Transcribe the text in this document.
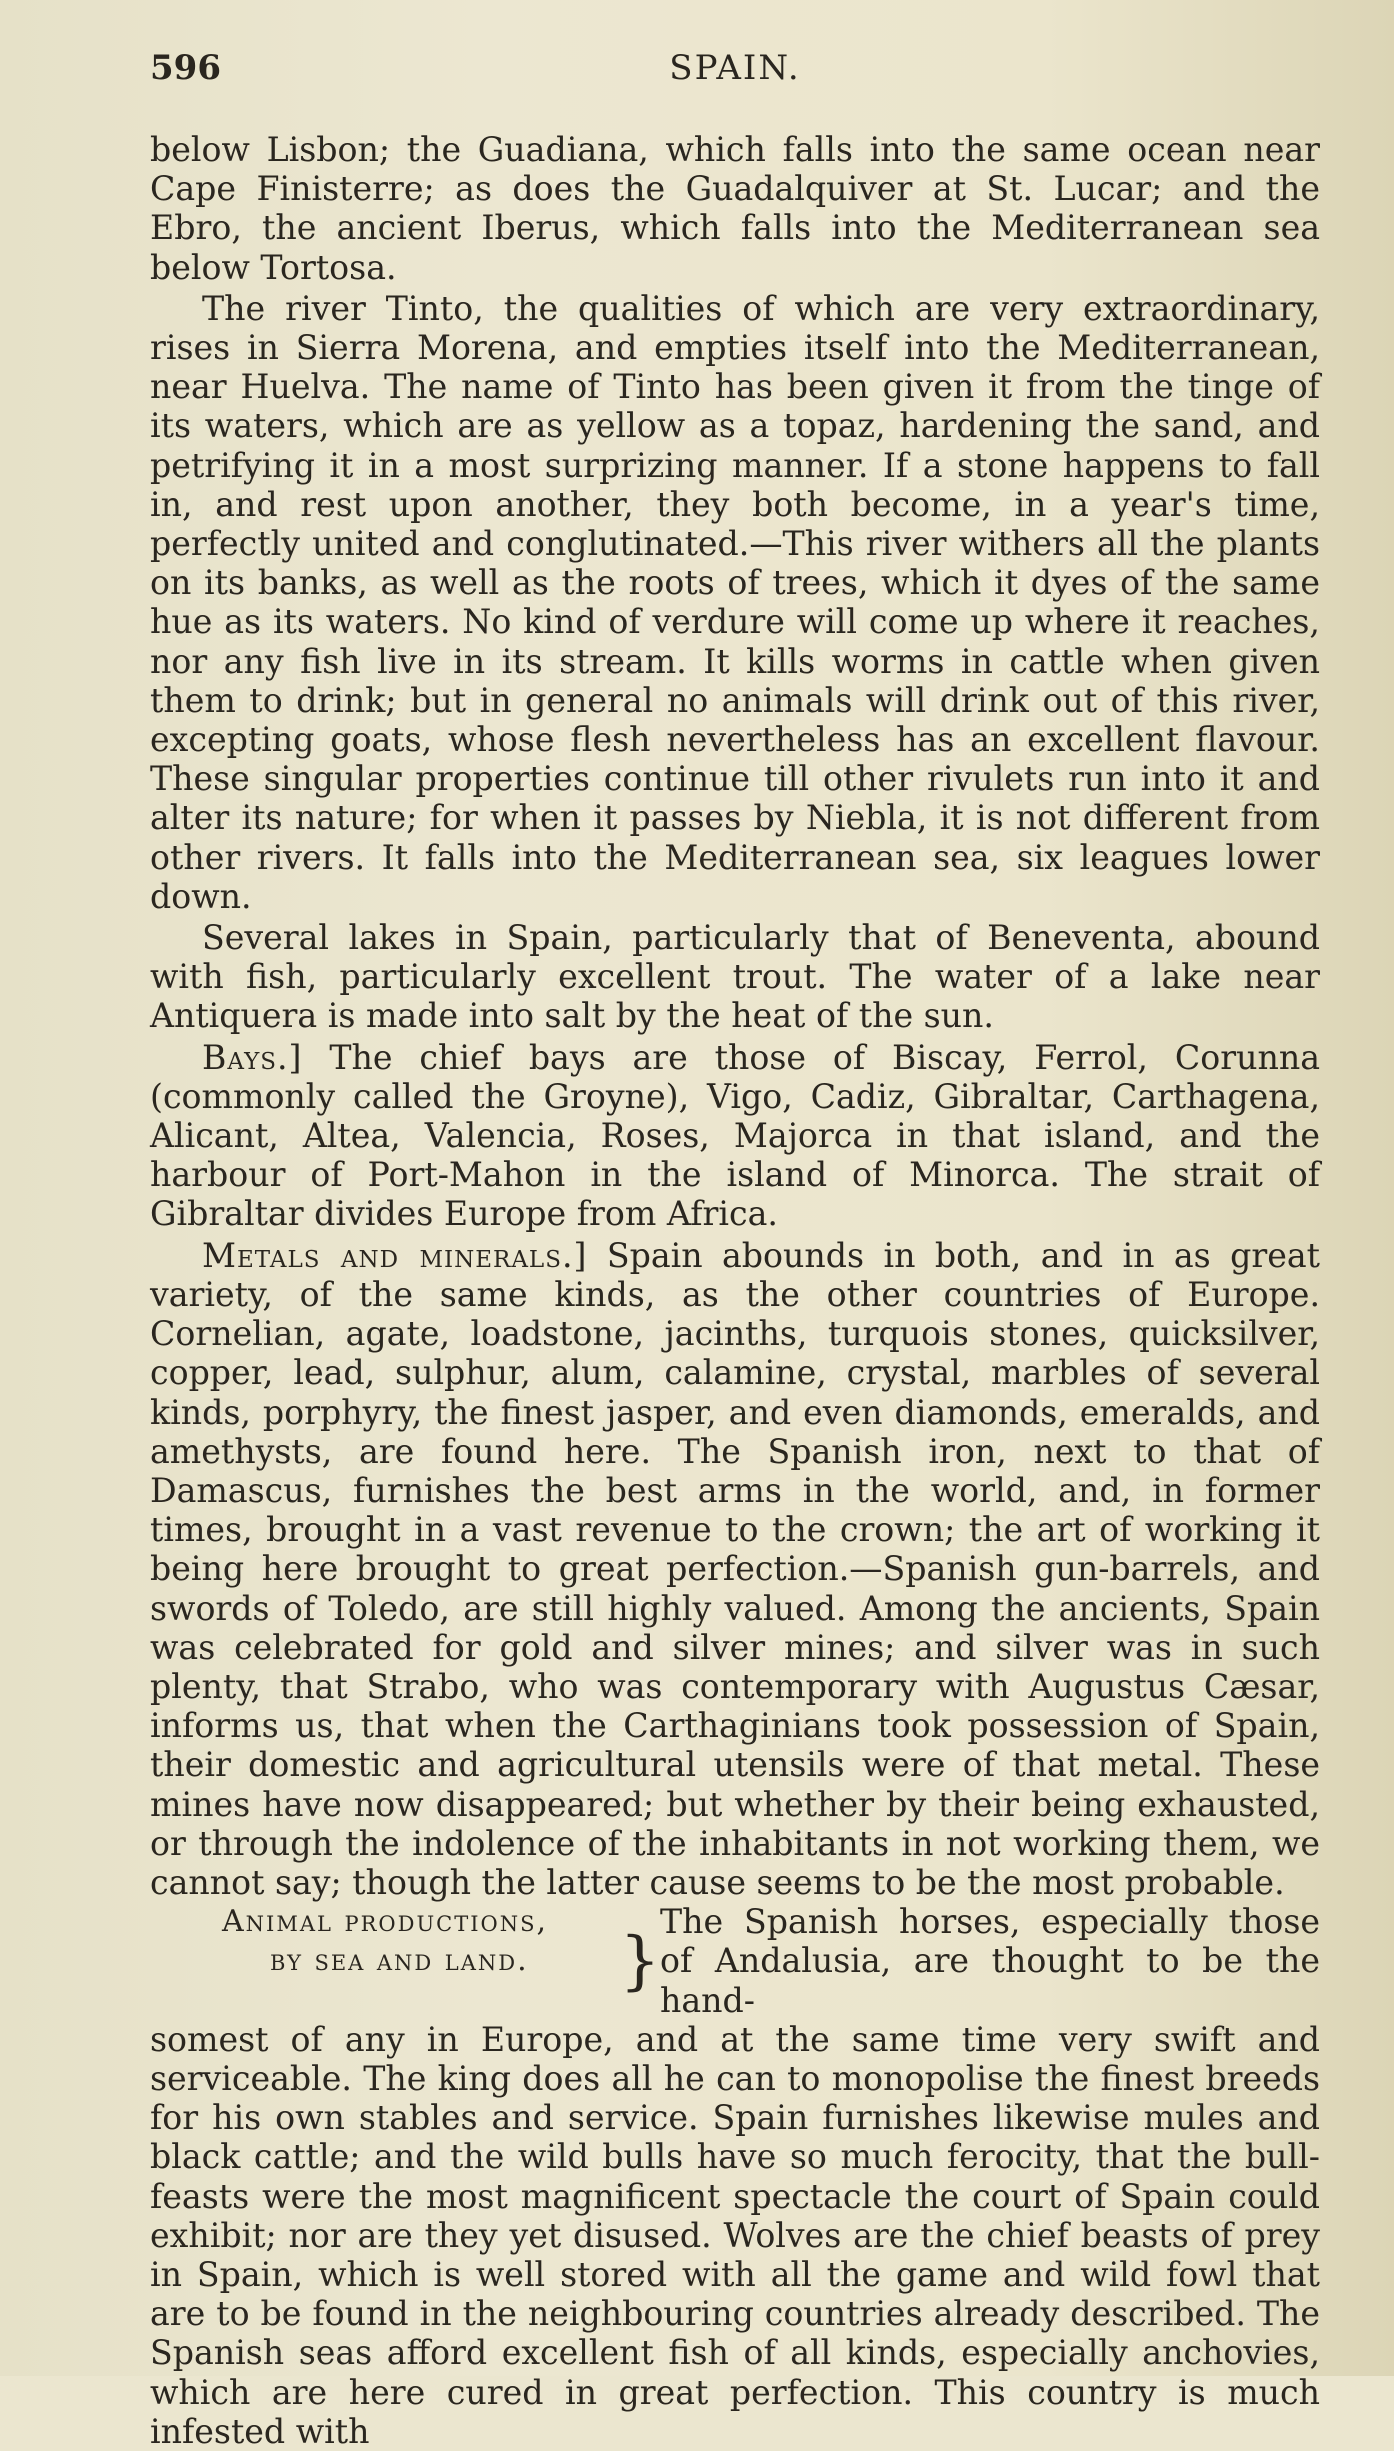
596	SPAIN.

below Lisbon; the Guadiana, which falls into the same ocean near Cape Finisterre; as does the Guadalquiver at St. Lucar; and the Ebro, the ancient Iberus, which falls into the Mediterranean sea below Tortosa.

The river Tinto, the qualities of which are very extraordinary, rises in Sierra Morena, and empties itself into the Mediterranean, near Huelva. The name of Tinto has been given it from the tinge of its waters, which are as yellow as a topaz, hardening the sand, and petrifying it in a most surprizing manner. If a stone happens to fall in, and rest upon another, they both become, in a year's time, perfectly united and conglutinated.—This river withers all the plants on its banks, as well as the roots of trees, which it dyes of the same hue as its waters. No kind of verdure will come up where it reaches, nor any fish live in its stream. It kills worms in cattle when given them to drink; but in general no animals will drink out of this river, excepting goats, whose flesh nevertheless has an excellent flavour. These singular properties continue till other rivulets run into it and alter its nature; for when it passes by Niebla, it is not different from other rivers. It falls into the Mediterranean sea, six leagues lower down.

Several lakes in Spain, particularly that of Beneventa, abound with fish, particularly excellent trout. The water of a lake near Antiquera is made into salt by the heat of the sun.

Bays.] The chief bays are those of Biscay, Ferrol, Corunna (commonly called the Groyne), Vigo, Cadiz, Gibraltar, Carthagena, Alicant, Altea, Valencia, Roses, Majorca in that island, and the harbour of Port-Mahon in the island of Minorca. The strait of Gibraltar divides Europe from Africa.

Metals and minerals.] Spain abounds in both, and in as great variety, of the same kinds, as the other countries of Europe. Cornelian, agate, loadstone, jacinths, turquois stones, quicksilver, copper, lead, sulphur, alum, calamine, crystal, marbles of several kinds, porphyry, the finest jasper, and even diamonds, emeralds, and amethysts, are found here. The Spanish iron, next to that of Damascus, furnishes the best arms in the world, and, in former times, brought in a vast revenue to the crown; the art of working it being here brought to great perfection.—Spanish gun-barrels, and swords of Toledo, are still highly valued. Among the ancients, Spain was celebrated for gold and silver mines; and silver was in such plenty, that Strabo, who was contemporary with Augustus Cæsar, informs us, that when the Carthaginians took possession of Spain, their domestic and agricultural utensils were of that metal. These mines have now disappeared; but whether by their being exhausted, or through the indolence of the inhabitants in not working them, we cannot say; though the latter cause seems to be the most probable.

Animal productions,
by sea and land.	}
The Spanish horses, especially those of Andalusia, are thought to be the hand-

somest of any in Europe, and at the same time very swift and serviceable. The king does all he can to monopolise the finest breeds for his own stables and service. Spain furnishes likewise mules and black cattle; and the wild bulls have so much ferocity, that the bull-feasts were the most magnificent spectacle the court of Spain could exhibit; nor are they yet disused. Wolves are the chief beasts of prey in Spain, which is well stored with all the game and wild fowl that are to be found in the neighbouring countries already described. The Spanish seas afford excellent fish of all kinds, especially anchovies, which are here cured in great perfection. This country is much infested with
